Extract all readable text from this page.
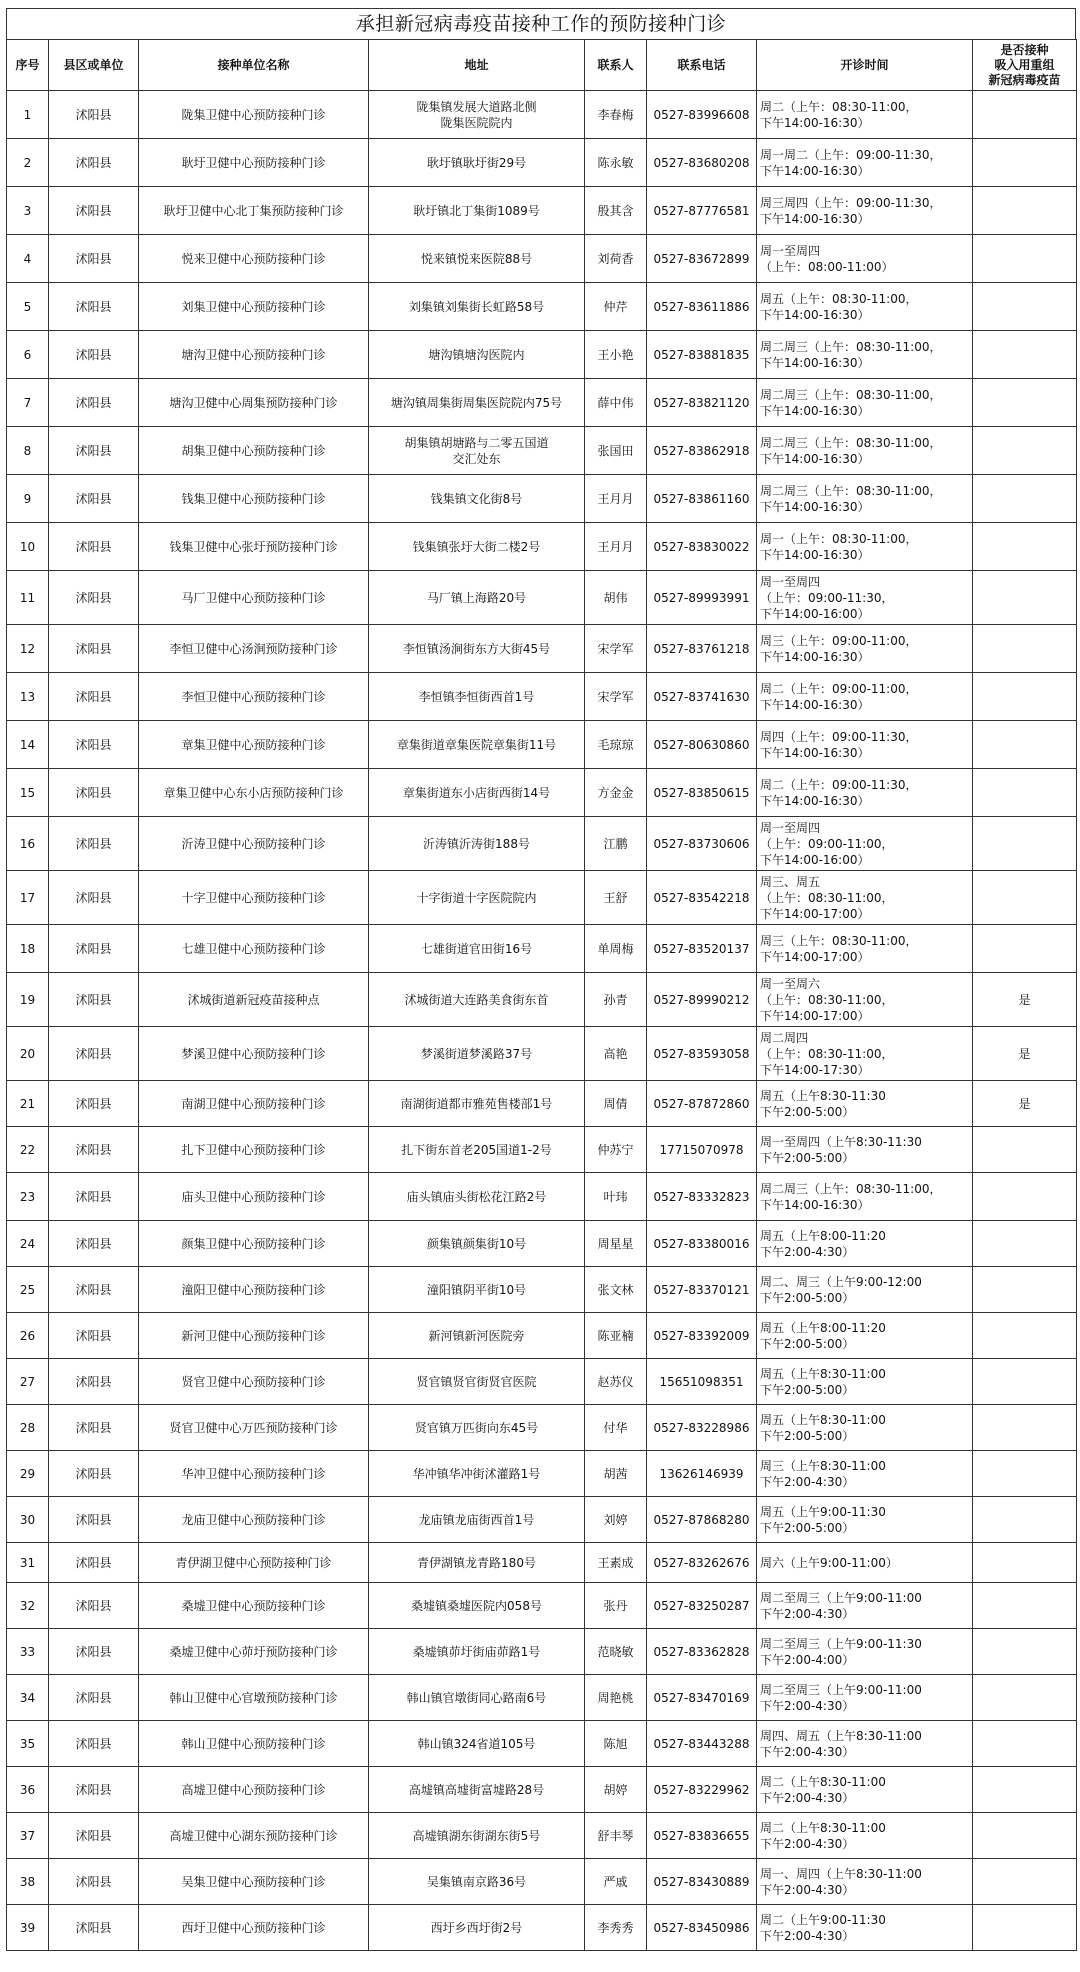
承担新冠病毒疫苗接种工作的预防接种门诊
序号	县区或单位	接种单位名称	地址	联系人	联系电话	开诊时间	是否接种
吸入用重组
新冠病毒疫苗
1	沭阳县	陇集卫健中心预防接种门诊	陇集镇发展大道路北侧
陇集医院院内	李春梅	0527-83996608	周二（上午：08:30-11:00，
下午14:00-16:30）	
2	沭阳县	耿圩卫健中心预防接种门诊	耿圩镇耿圩街29号	陈永敏	0527-83680208	周一周二（上午：09:00-11:30，
下午14:00-16:30）	
3	沭阳县	耿圩卫健中心北丁集预防接种门诊	耿圩镇北丁集街1089号	殷其含	0527-87776581	周三周四（上午：09:00-11:30，
下午14:00-16:30）	
4	沭阳县	悦来卫健中心预防接种门诊	悦来镇悦来医院88号	刘荷香	0527-83672899	周一至周四
（上午：08:00-11:00）	
5	沭阳县	刘集卫健中心预防接种门诊	刘集镇刘集街长虹路58号	仲芹	0527-83611886	周五（上午：08:30-11:00，
下午14:00-16:30）	
6	沭阳县	塘沟卫健中心预防接种门诊	塘沟镇塘沟医院内	王小艳	0527-83881835	周二周三（上午：08:30-11:00，
下午14:00-16:30）	
7	沭阳县	塘沟卫健中心周集预防接种门诊	塘沟镇周集街周集医院院内75号	薛中伟	0527-83821120	周二周三（上午：08:30-11:00，
下午14:00-16:30）	
8	沭阳县	胡集卫健中心预防接种门诊	胡集镇胡塘路与二零五国道
交汇处东	张国田	0527-83862918	周二周三（上午：08:30-11:00，
下午14:00-16:30）	
9	沭阳县	钱集卫健中心预防接种门诊	钱集镇文化街8号	王月月	0527-83861160	周二周三（上午：08:30-11:00，
下午14:00-16:30）	
10	沭阳县	钱集卫健中心张圩预防接种门诊	钱集镇张圩大街二楼2号	王月月	0527-83830022	周一（上午：08:30-11:00，
下午14:00-16:30）	
11	沭阳县	马厂卫健中心预防接种门诊	马厂镇上海路20号	胡伟	0527-89993991	周一至周四
（上午：09:00-11:30，
下午14:00-16:00）	
12	沭阳县	李恒卫健中心汤涧预防接种门诊	李恒镇汤涧街东方大街45号	宋学军	0527-83761218	周三（上午：09:00-11:00，
下午14:00-16:30）	
13	沭阳县	李恒卫健中心预防接种门诊	李恒镇李恒街西首1号	宋学军	0527-83741630	周二（上午：09:00-11:00，
下午14:00-16:30）	
14	沭阳县	章集卫健中心预防接种门诊	章集街道章集医院章集街11号	毛琼琼	0527-80630860	周四（上午：09:00-11:30，
下午14:00-16:30）	
15	沭阳县	章集卫健中心东小店预防接种门诊	章集街道东小店街西街14号	方金金	0527-83850615	周二（上午：09:00-11:30，
下午14:00-16:30）	
16	沭阳县	沂涛卫健中心预防接种门诊	沂涛镇沂涛街188号	江鹏	0527-83730606	周一至周四
（上午：09:00-11:00，
下午14:00-16:00）	
17	沭阳县	十字卫健中心预防接种门诊	十字街道十字医院院内	王舒	0527-83542218	周三、周五
（上午：08:30-11:00，
下午14:00-17:00）	
18	沭阳县	七雄卫健中心预防接种门诊	七雄街道官田街16号	单周梅	0527-83520137	周三（上午：08:30-11:00，
下午14:00-17:00）	
19	沭阳县	沭城街道新冠疫苗接种点	沭城街道大连路美食街东首	孙青	0527-89990212	周一至周六
（上午：08:30-11:00，
下午14:00-17:00）	是
20	沭阳县	梦溪卫健中心预防接种门诊	梦溪街道梦溪路37号	高艳	0527-83593058	周二周四
（上午：08:30-11:00，
下午14:00-17:30）	是
21	沭阳县	南湖卫健中心预防接种门诊	南湖街道都市雅苑售楼部1号	周倩	0527-87872860	周五（上午8:30-11:30
下午2:00-5:00）	是
22	沭阳县	扎下卫健中心预防接种门诊	扎下街东首老205国道1-2号	仲苏宁	17715070978	周一至周四（上午8:30-11:30
下午2:00-5:00）	
23	沭阳县	庙头卫健中心预防接种门诊	庙头镇庙头街松花江路2号	叶玮	0527-83332823	周二周三（上午：08:30-11:00，
下午14:00-16:30）	
24	沭阳县	颜集卫健中心预防接种门诊	颜集镇颜集街10号	周星星	0527-83380016	周五（上午8:00-11:20
下午2:00-4:30）	
25	沭阳县	潼阳卫健中心预防接种门诊	潼阳镇阴平街10号	张文林	0527-83370121	周二、周三（上午9:00-12:00
下午2:00-5:00）	
26	沭阳县	新河卫健中心预防接种门诊	新河镇新河医院旁	陈亚楠	0527-83392009	周五（上午8:00-11:20
下午2:00-5:00）	
27	沭阳县	贤官卫健中心预防接种门诊	贤官镇贤官街贤官医院	赵苏仪	15651098351	周五（上午8:30-11:00
下午2:00-5:00）	
28	沭阳县	贤官卫健中心万匹预防接种门诊	贤官镇万匹街向东45号	付华	0527-83228986	周五（上午8:30-11:00
下午2:00-5:00）	
29	沭阳县	华冲卫健中心预防接种门诊	华冲镇华冲街沭灌路1号	胡茜	13626146939	周三（上午8:30-11:00
下午2:00-4:30）	
30	沭阳县	龙庙卫健中心预防接种门诊	龙庙镇龙庙街西首1号	刘婷	0527-87868280	周五（上午9:00-11:30
下午2:00-5:00）	
31	沭阳县	青伊湖卫健中心预防接种门诊	青伊湖镇龙青路180号	王素成	0527-83262676	周六（上午9:00-11:00）	
32	沭阳县	桑墟卫健中心预防接种门诊	桑墟镇桑墟医院内058号	张丹	0527-83250287	周二至周三（上午9:00-11:00
下午2:00-4:30）	
33	沭阳县	桑墟卫健中心茆圩预防接种门诊	桑墟镇茆圩街庙茆路1号	范晓敏	0527-83362828	周二至周三（上午9:00-11:30
下午2:00-4:00）	
34	沭阳县	韩山卫健中心官墩预防接种门诊	韩山镇官墩街同心路南6号	周艳桃	0527-83470169	周二至周三（上午9:00-11:00
下午2:00-4:30）	
35	沭阳县	韩山卫健中心预防接种门诊	韩山镇324省道105号	陈旭	0527-83443288	周四、周五（上午8:30-11:00
下午2:00-4:30）	
36	沭阳县	高墟卫健中心预防接种门诊	高墟镇高墟街富墟路28号	胡婷	0527-83229962	周二（上午8:30-11:00
下午2:00-4:30）	
37	沭阳县	高墟卫健中心湖东预防接种门诊	高墟镇湖东街湖东街5号	舒丰琴	0527-83836655	周二（上午8:30-11:00
下午2:00-4:30）	
38	沭阳县	吴集卫健中心预防接种门诊	吴集镇南京路36号	严戚	0527-83430889	周一、周四（上午8:30-11:00
下午2:00-4:30）	
39	沭阳县	西圩卫健中心预防接种门诊	西圩乡西圩街2号	李秀秀	0527-83450986	周二（上午9:00-11:30
下午2:00-4:30）	
